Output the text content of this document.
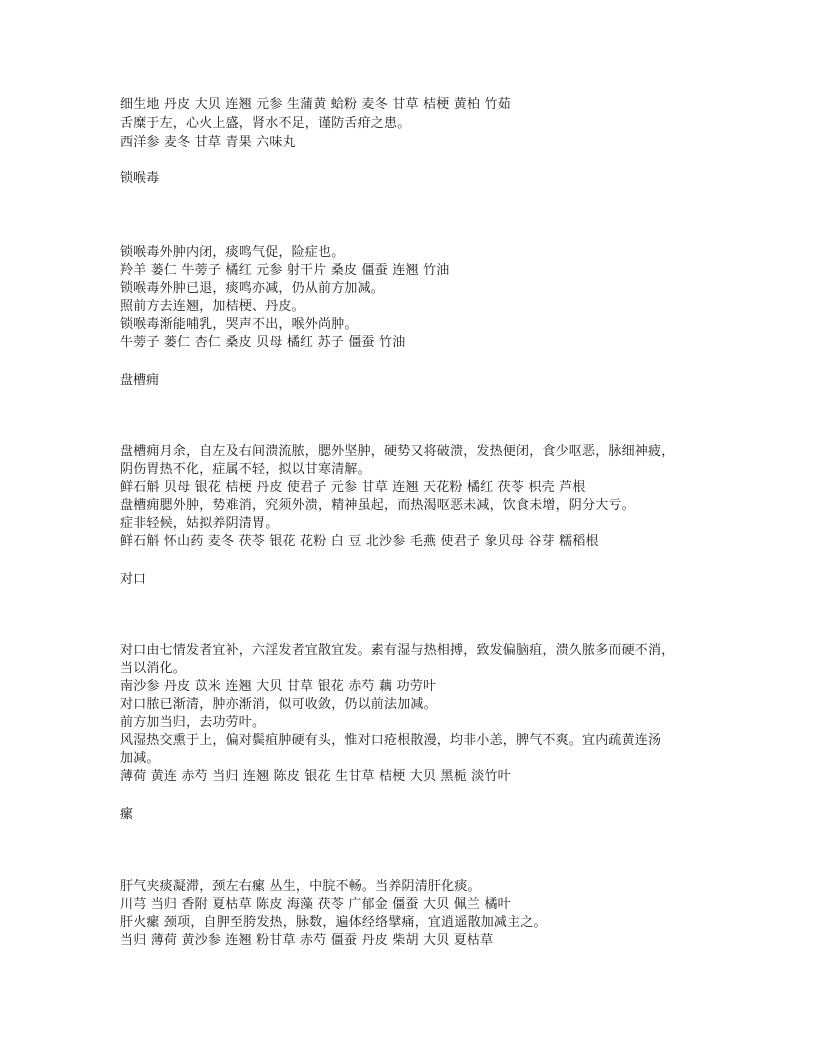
细生地 丹皮 大贝 连翘 元参 生蒲黄 蛤粉 麦冬 甘草 桔梗 黄柏 竹茹
舌糜于左，心火上盛，肾水不足，谨防舌疳之患。
西洋参 麦冬 甘草 青果 六味丸
锁喉毒
锁喉毒外肿内闭，痰鸣气促，险症也。
羚羊 蒌仁 牛蒡子 橘红 元参 射干片 桑皮 僵蚕 连翘 竹油
锁喉毒外肿已退，痰鸣亦减，仍从前方加减。
照前方去连翘，加桔梗、丹皮。
锁喉毒渐能哺乳，哭声不出，喉外尚肿。
牛蒡子 蒌仁 杏仁 桑皮 贝母 橘红 苏子 僵蚕 竹油
盘槽痈
盘槽痈月余，自左及右间溃流脓，腮外坚肿，硬势又将破溃，发热便闭，食少呕恶，脉细神疲，
阴伤胃热不化，症属不轻，拟以甘寒清解。
鲜石斛 贝母 银花 桔梗 丹皮 使君子 元参 甘草 连翘 天花粉 橘红 茯苓 枳壳 芦根
盘槽痈腮外肿，势难消，究须外溃，精神虽起，而热渴呕恶未减，饮食未增，阴分大亏。
症非轻候，姑拟养阴清胃。
鲜石斛 怀山药 麦冬 茯苓 银花 花粉 白 豆 北沙参 毛燕 使君子 象贝母 谷芽 糯稻根
对口
对口由七情发者宜补，六淫发者宜散宜发。素有湿与热相搏，致发偏脑疽，溃久脓多而硬不消，
当以消化。
南沙参 丹皮 苡米 连翘 大贝 甘草 银花 赤芍 藕 功劳叶
对口脓已渐清，肿亦渐消，似可收敛，仍以前法加减。
前方加当归，去功劳叶。
风湿热交熏于上，偏对鬓疽肿硬有头，惟对口疮根散漫，均非小恙，脾气不爽。宜内疏黄连汤
加减。
薄荷 黄连 赤芍 当归 连翘 陈皮 银花 生甘草 桔梗 大贝 黑栀 淡竹叶
瘰
肝气夹痰凝滞，颈左右瘰 丛生，中脘不畅。当养阴清肝化痰。
川芎 当归 香附 夏枯草 陈皮 海藻 茯苓 广郁金 僵蚕 大贝 佩兰 橘叶
肝火瘰 颈项，自胛至胯发热，脉数，遍体经络擘痛，宜逍遥散加减主之。
当归 薄荷 黄沙参 连翘 粉甘草 赤芍 僵蚕 丹皮 柴胡 大贝 夏枯草
